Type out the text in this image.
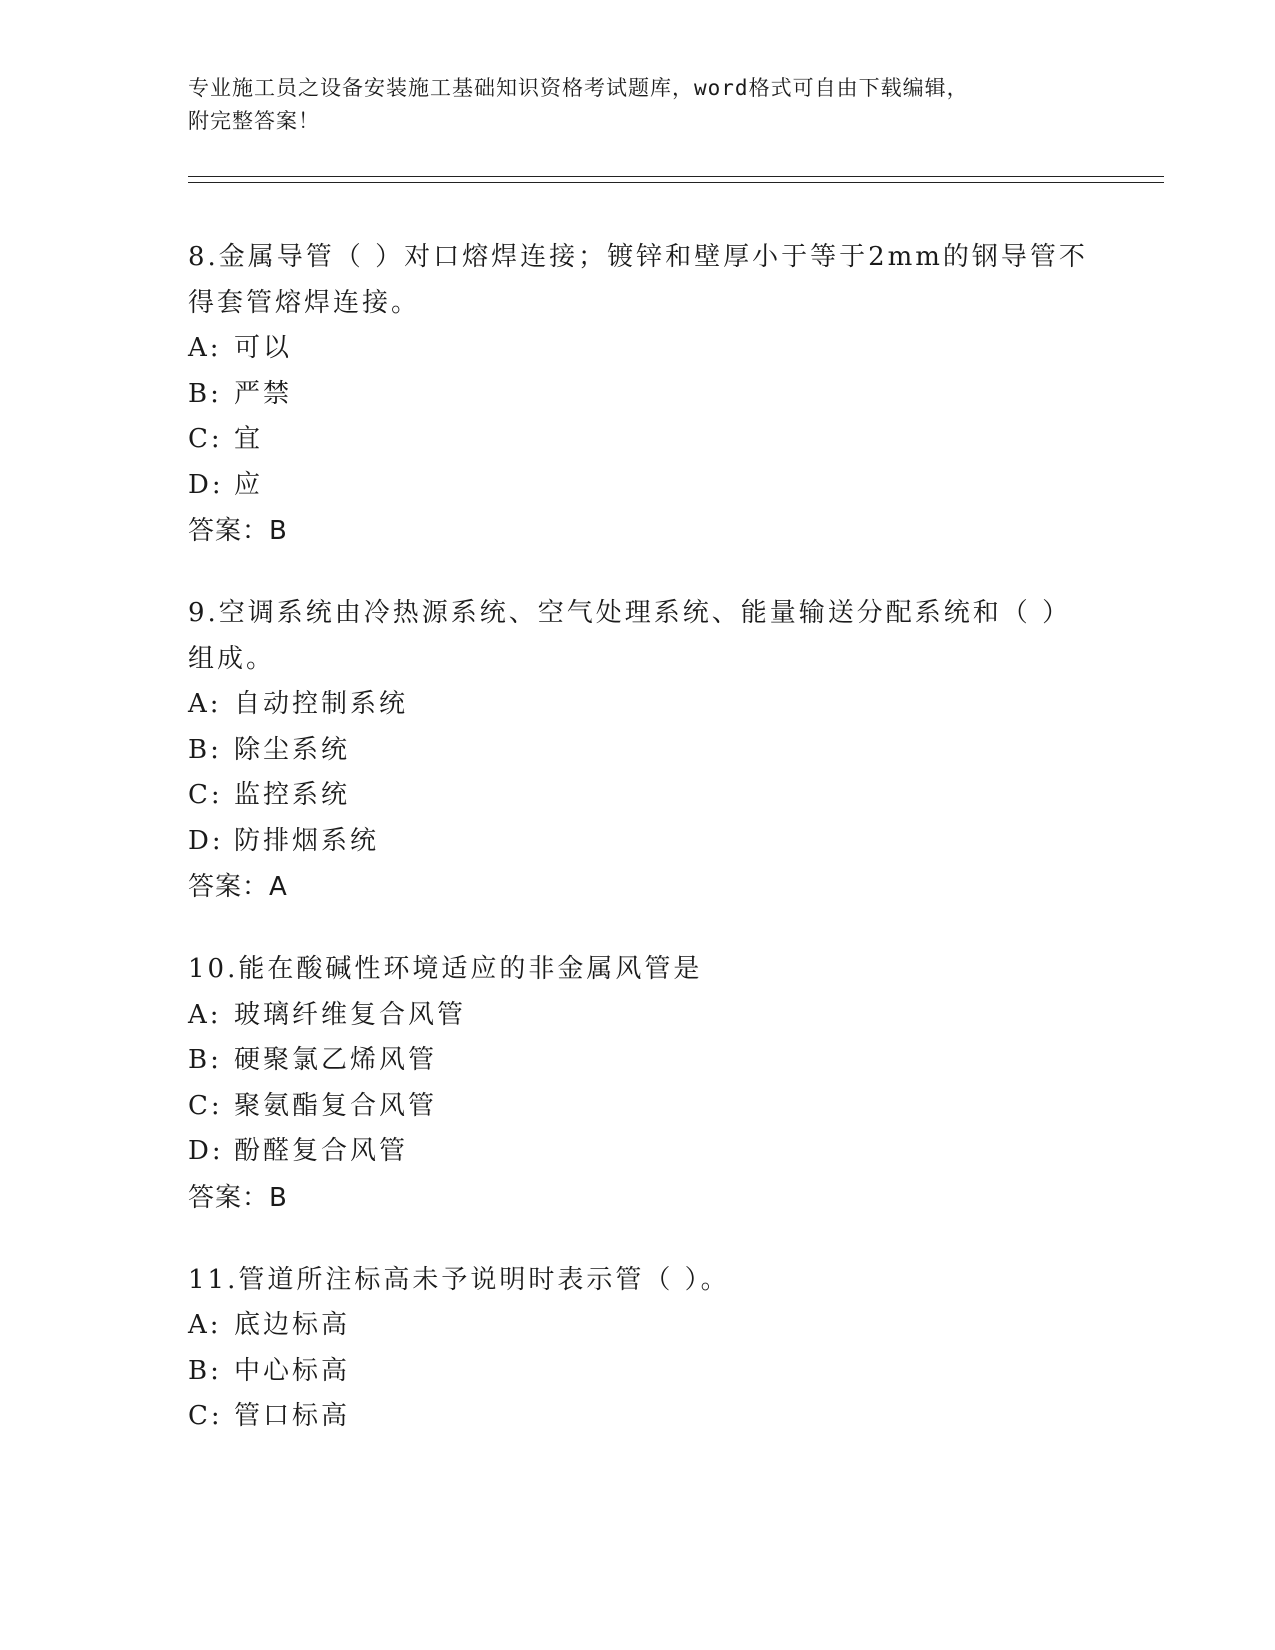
专业施工员之设备安装施工基础知识资格考试题库，word格式可自由下载编辑，
附完整答案！

8.金属导管（ ）对口熔焊连接；镀锌和壁厚小于等于2mm的钢导管不

得套管熔焊连接。

A: 可以

B: 严禁

C: 宜

D: 应

答案：B

9.空调系统由冷热源系统、空气处理系统、能量输送分配系统和（ ）

组成。

A: 自动控制系统

B: 除尘系统

C: 监控系统

D: 防排烟系统

答案：A

10.能在酸碱性环境适应的非金属风管是

A: 玻璃纤维复合风管

B: 硬聚氯乙烯风管

C: 聚氨酯复合风管

D: 酚醛复合风管

答案：B

11.管道所注标高未予说明时表示管（ ）。

A: 底边标高

B: 中心标高

C: 管口标高
